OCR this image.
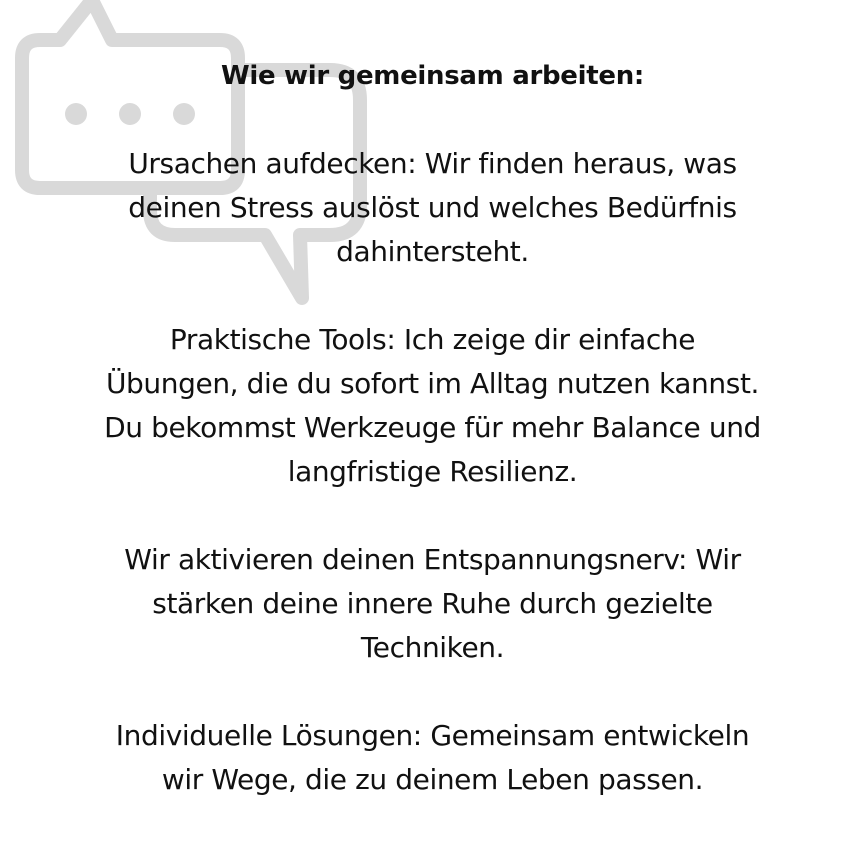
Wie wir gemeinsam arbeiten:

Ursachen aufdecken: Wir finden heraus, was
deinen Stress auslöst und welches Bedürfnis
dahintersteht.

Praktische Tools: Ich zeige dir einfache
Übungen, die du sofort im Alltag nutzen kannst.
Du bekommst Werkzeuge für mehr Balance und
langfristige Resilienz.

Wir aktivieren deinen Entspannungsnerv: Wir
stärken deine innere Ruhe durch gezielte
Techniken.

Individuelle Lösungen: Gemeinsam entwickeln
wir Wege, die zu deinem Leben passen.
